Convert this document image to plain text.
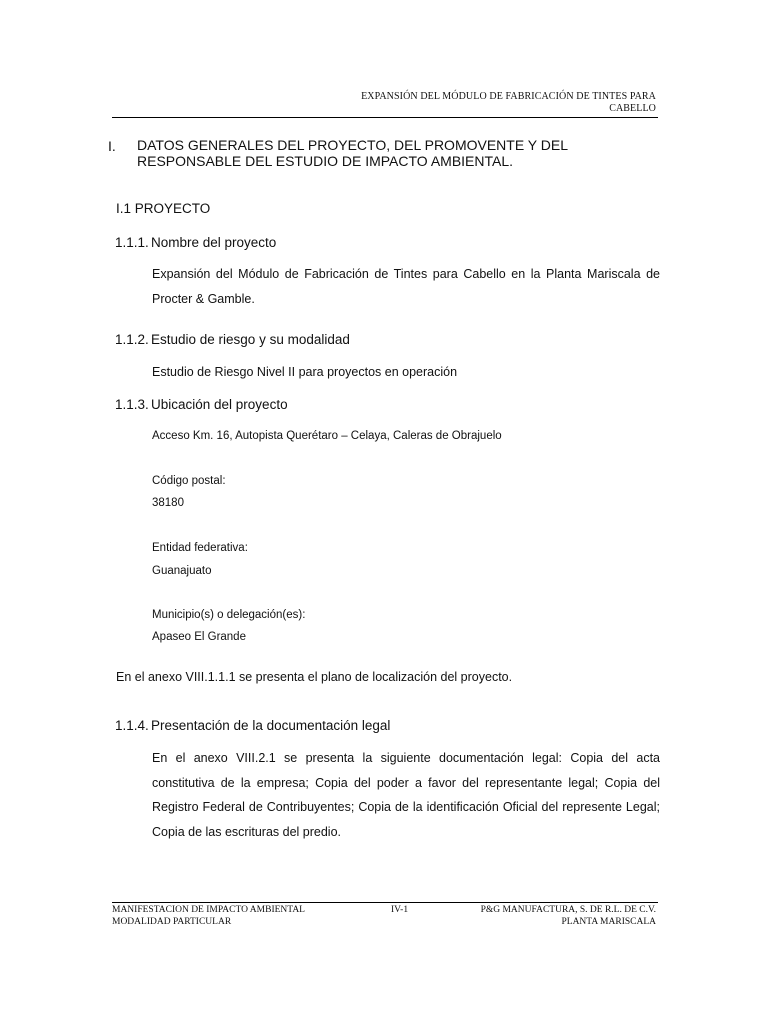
EXPANSIÓN DEL MÓDULO DE FABRICACIÓN DE TINTES PARA
CABELLO
I. DATOS GENERALES DEL PROYECTO, DEL PROMOVENTE Y DEL RESPONSABLE DEL ESTUDIO DE IMPACTO AMBIENTAL.
I.1 PROYECTO
1.1.1. Nombre del proyecto
Expansión del Módulo de Fabricación de Tintes para Cabello en la Planta Mariscala de Procter & Gamble.
1.1.2. Estudio de riesgo y su modalidad
Estudio de Riesgo Nivel II para proyectos en operación
1.1.3. Ubicación del proyecto
Acceso Km. 16, Autopista Querétaro – Celaya, Caleras de Obrajuelo
Código postal:
38180
Entidad federativa:
Guanajuato
Municipio(s) o delegación(es):
Apaseo El Grande
En el anexo VIII.1.1.1 se presenta el plano de localización del proyecto.
1.1.4. Presentación de la documentación legal
En el anexo VIII.2.1 se presenta la siguiente documentación legal: Copia del acta constitutiva de la empresa; Copia del poder a favor del representante legal; Copia del Registro Federal de Contribuyentes; Copia de la identificación Oficial del represente Legal; Copia de las escrituras del predio.
MANIFESTACION DE IMPACTO AMBIENTAL
MODALIDAD PARTICULAR
IV-1	P&G MANUFACTURA, S. DE R.L. DE C.V.
PLANTA MARISCALA
